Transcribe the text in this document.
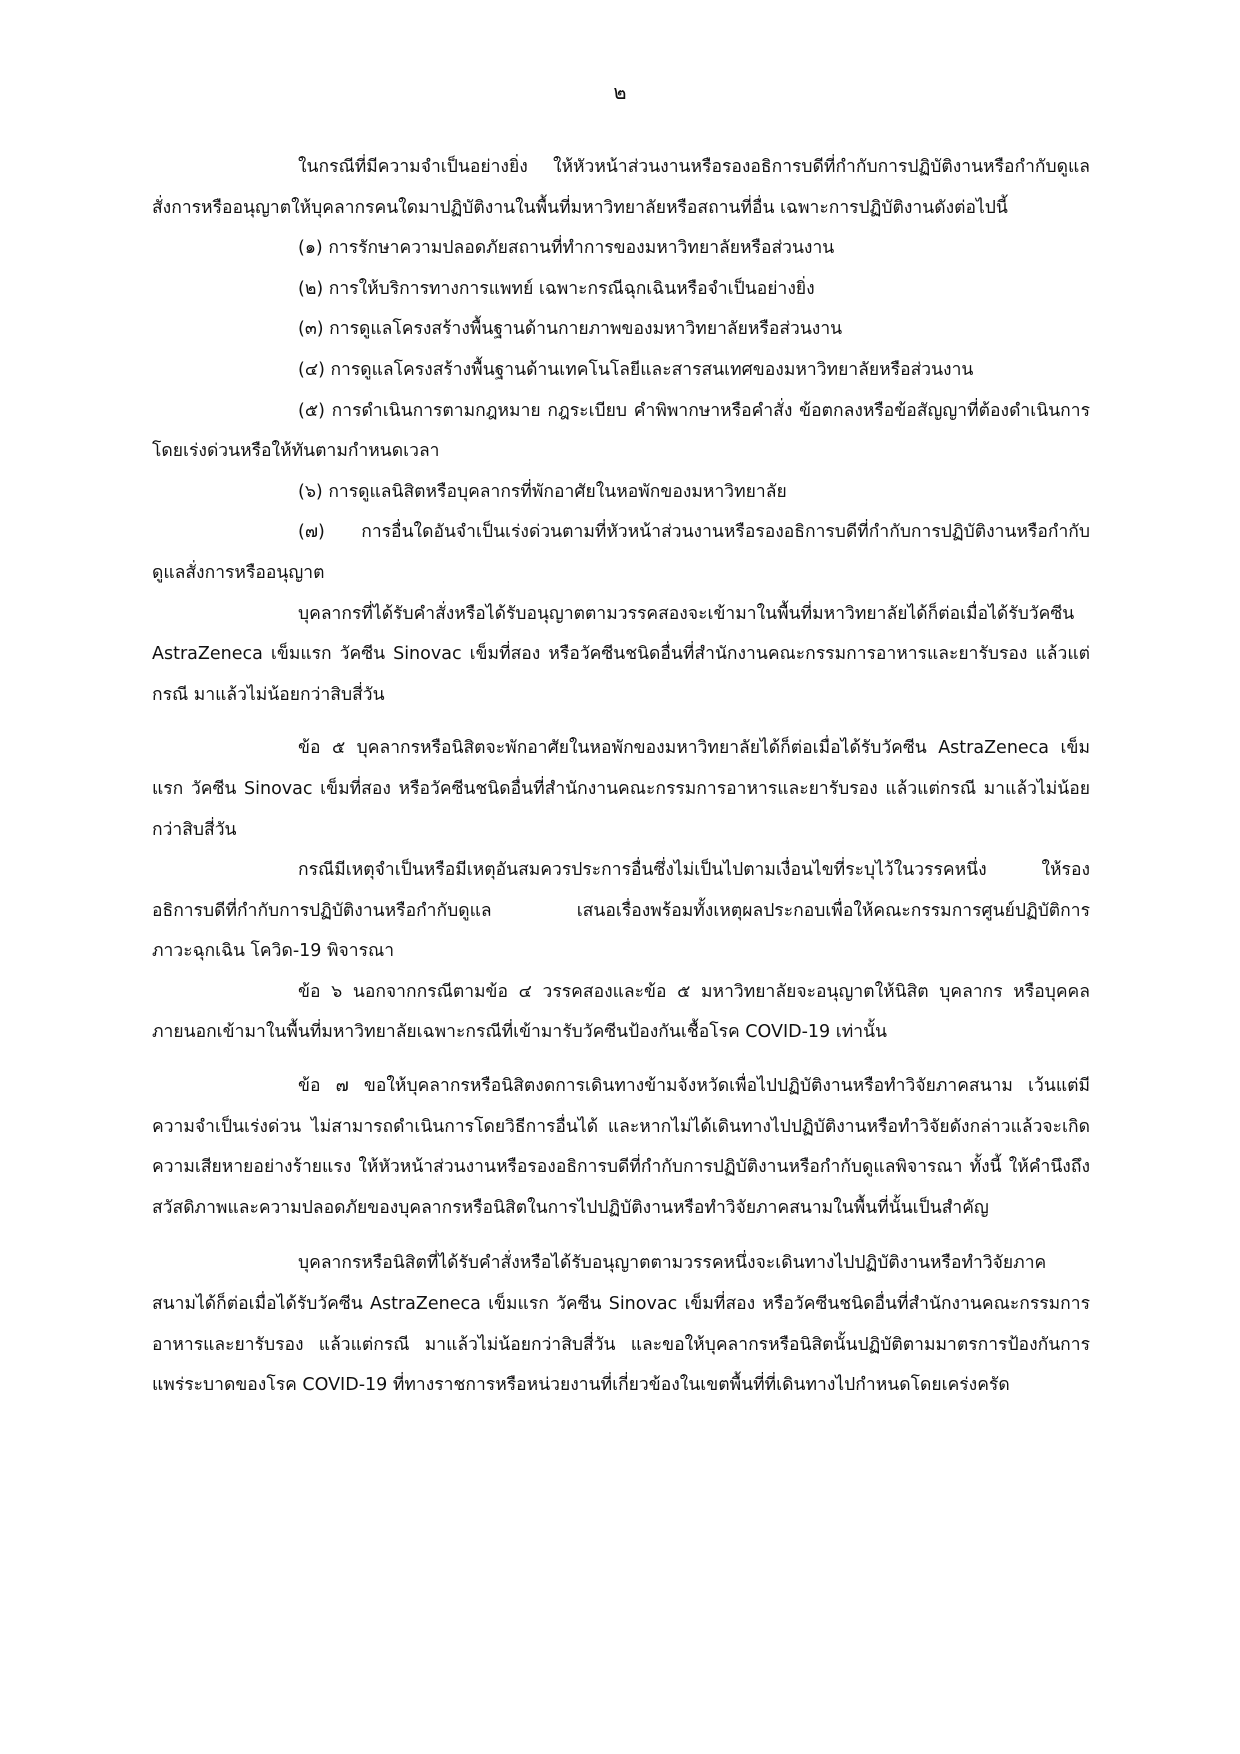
๒

ในกรณีที่มีความจำเป็นอย่างยิ่ง ให้หัวหน้าส่วนงานหรือรองอธิการบดีที่กำกับการปฏิบัติงานหรือกำกับดูแล สั่งการหรืออนุญาตให้บุคลากรคนใดมาปฏิบัติงานในพื้นที่มหาวิทยาลัยหรือสถานที่อื่น เฉพาะการปฏิบัติงานดังต่อไปนี้

(๑) การรักษาความปลอดภัยสถานที่ทำการของมหาวิทยาลัยหรือส่วนงาน

(๒) การให้บริการทางการแพทย์ เฉพาะกรณีฉุกเฉินหรือจำเป็นอย่างยิ่ง

(๓) การดูแลโครงสร้างพื้นฐานด้านกายภาพของมหาวิทยาลัยหรือส่วนงาน

(๔) การดูแลโครงสร้างพื้นฐานด้านเทคโนโลยีและสารสนเทศของมหาวิทยาลัยหรือส่วนงาน

(๕) การดำเนินการตามกฎหมาย กฎระเบียบ คำพิพากษาหรือคำสั่ง ข้อตกลงหรือข้อสัญญาที่ต้องดำเนินการโดยเร่งด่วนหรือให้ทันตามกำหนดเวลา

(๖) การดูแลนิสิตหรือบุคลากรที่พักอาศัยในหอพักของมหาวิทยาลัย

(๗) การอื่นใดอันจำเป็นเร่งด่วนตามที่หัวหน้าส่วนงานหรือรองอธิการบดีที่กำกับการปฏิบัติงานหรือกำกับดูแลสั่งการหรืออนุญาต

บุคลากรที่ได้รับคำสั่งหรือได้รับอนุญาตตามวรรคสองจะเข้ามาในพื้นที่มหาวิทยาลัยได้ก็ต่อเมื่อได้รับวัคซีน AstraZeneca เข็มแรก วัคซีน Sinovac เข็มที่สอง หรือวัคซีนชนิดอื่นที่สำนักงานคณะกรรมการอาหารและยารับรอง แล้วแต่กรณี มาแล้วไม่น้อยกว่าสิบสี่วัน

ข้อ ๕ บุคลากรหรือนิสิตจะพักอาศัยในหอพักของมหาวิทยาลัยได้ก็ต่อเมื่อได้รับวัคซีน AstraZeneca เข็มแรก วัคซีน Sinovac เข็มที่สอง หรือวัคซีนชนิดอื่นที่สำนักงานคณะกรรมการอาหารและยารับรอง แล้วแต่กรณี มาแล้วไม่น้อยกว่าสิบสี่วัน

กรณีมีเหตุจำเป็นหรือมีเหตุอันสมควรประการอื่นซึ่งไม่เป็นไปตามเงื่อนไขที่ระบุไว้ในวรรคหนึ่ง ให้รองอธิการบดีที่กำกับการปฏิบัติงานหรือกำกับดูแล เสนอเรื่องพร้อมทั้งเหตุผลประกอบเพื่อให้คณะกรรมการศูนย์ปฏิบัติการภาวะฉุกเฉิน โควิด-19 พิจารณา

ข้อ ๖ นอกจากกรณีตามข้อ ๔ วรรคสองและข้อ ๕ มหาวิทยาลัยจะอนุญาตให้นิสิต บุคลากร หรือบุคคลภายนอกเข้ามาในพื้นที่มหาวิทยาลัยเฉพาะกรณีที่เข้ามารับวัคซีนป้องกันเชื้อโรค COVID-19 เท่านั้น

ข้อ ๗ ขอให้บุคลากรหรือนิสิตงดการเดินทางข้ามจังหวัดเพื่อไปปฏิบัติงานหรือทำวิจัยภาคสนาม เว้นแต่มีความจำเป็นเร่งด่วน ไม่สามารถดำเนินการโดยวิธีการอื่นได้ และหากไม่ได้เดินทางไปปฏิบัติงานหรือทำวิจัยดังกล่าวแล้วจะเกิดความเสียหายอย่างร้ายแรง ให้หัวหน้าส่วนงานหรือรองอธิการบดีที่กำกับการปฏิบัติงานหรือกำกับดูแลพิจารณา ทั้งนี้ ให้คำนึงถึงสวัสดิภาพและความปลอดภัยของบุคลากรหรือนิสิตในการไปปฏิบัติงานหรือทำวิจัยภาคสนามในพื้นที่นั้นเป็นสำคัญ

บุคลากรหรือนิสิตที่ได้รับคำสั่งหรือได้รับอนุญาตตามวรรคหนึ่งจะเดินทางไปปฏิบัติงานหรือทำวิจัยภาคสนามได้ก็ต่อเมื่อได้รับวัคซีน AstraZeneca เข็มแรก วัคซีน Sinovac เข็มที่สอง หรือวัคซีนชนิดอื่นที่สำนักงานคณะกรรมการอาหารและยารับรอง แล้วแต่กรณี มาแล้วไม่น้อยกว่าสิบสี่วัน และขอให้บุคลากรหรือนิสิตนั้นปฏิบัติตามมาตรการป้องกันการแพร่ระบาดของโรค COVID-19 ที่ทางราชการหรือหน่วยงานที่เกี่ยวข้องในเขตพื้นที่ที่เดินทางไปกำหนดโดยเคร่งครัด
